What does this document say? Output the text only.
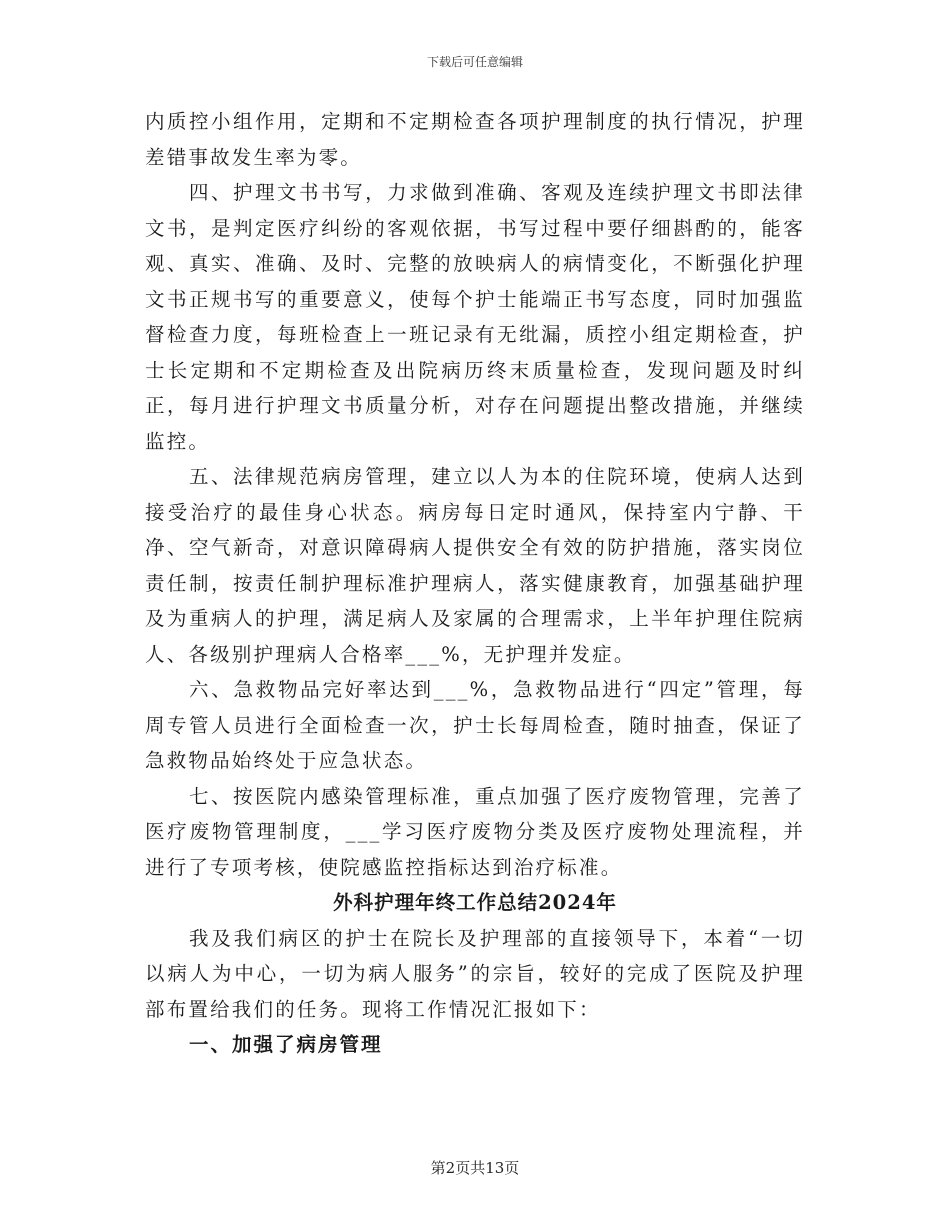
下载后可任意编辑

内质控小组作用，定期和不定期检查各项护理制度的执行情况，护理差错事故发生率为零。

四、护理文书书写，力求做到准确、客观及连续护理文书即法律文书，是判定医疗纠纷的客观依据，书写过程中要仔细斟酌的，能客观、真实、准确、及时、完整的放映病人的病情变化，不断强化护理文书正规书写的重要意义，使每个护士能端正书写态度，同时加强监督检查力度，每班检查上一班记录有无纰漏，质控小组定期检查，护士长定期和不定期检查及出院病历终末质量检查，发现问题及时纠正，每月进行护理文书质量分析，对存在问题提出整改措施，并继续监控。

五、法律规范病房管理，建立以人为本的住院环境，使病人达到接受治疗的最佳身心状态。病房每日定时通风，保持室内宁静、干净、空气新奇，对意识障碍病人提供安全有效的防护措施，落实岗位责任制，按责任制护理标准护理病人，落实健康教育，加强基础护理及为重病人的护理，满足病人及家属的合理需求，上半年护理住院病人、各级别护理病人合格率___%，无护理并发症。

六、急救物品完好率达到___%，急救物品进行“四定”管理，每周专管人员进行全面检查一次，护士长每周检查，随时抽查，保证了急救物品始终处于应急状态。

七、按医院内感染管理标准，重点加强了医疗废物管理，完善了医疗废物管理制度，___学习医疗废物分类及医疗废物处理流程，并进行了专项考核，使院感监控指标达到治疗标准。

外科护理年终工作总结2024年

我及我们病区的护士在院长及护理部的直接领导下，本着“一切以病人为中心，一切为病人服务”的宗旨，较好的完成了医院及护理部布置给我们的任务。现将工作情况汇报如下：

一、加强了病房管理

第2页共13页
